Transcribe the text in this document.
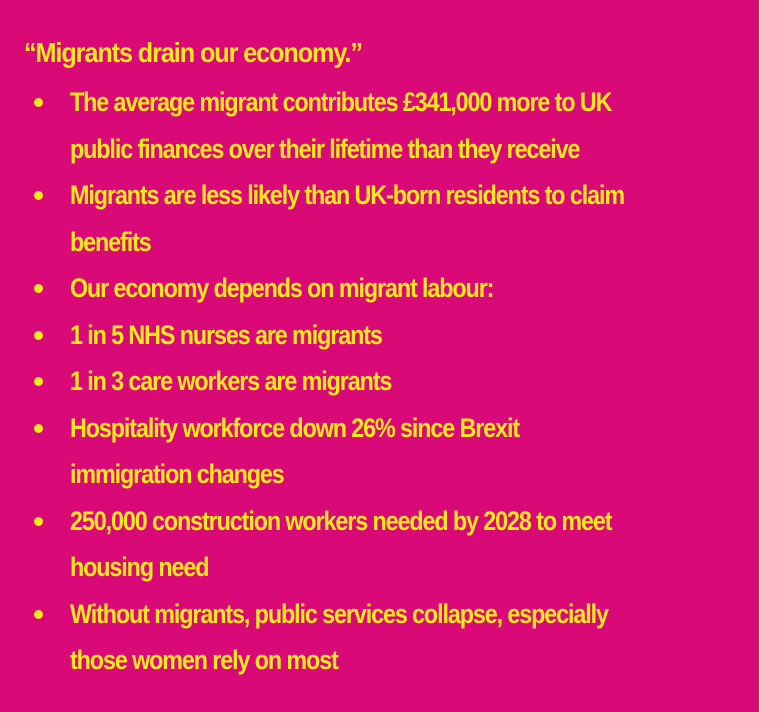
“Migrants drain our economy.”
The average migrant contributes £341,000 more to UK
public finances over their lifetime than they receive
Migrants are less likely than UK-born residents to claim
benefits
Our economy depends on migrant labour:
1 in 5 NHS nurses are migrants
1 in 3 care workers are migrants
Hospitality workforce down 26% since Brexit
immigration changes
250,000 construction workers needed by 2028 to meet
housing need
Without migrants, public services collapse, especially
those women rely on most
